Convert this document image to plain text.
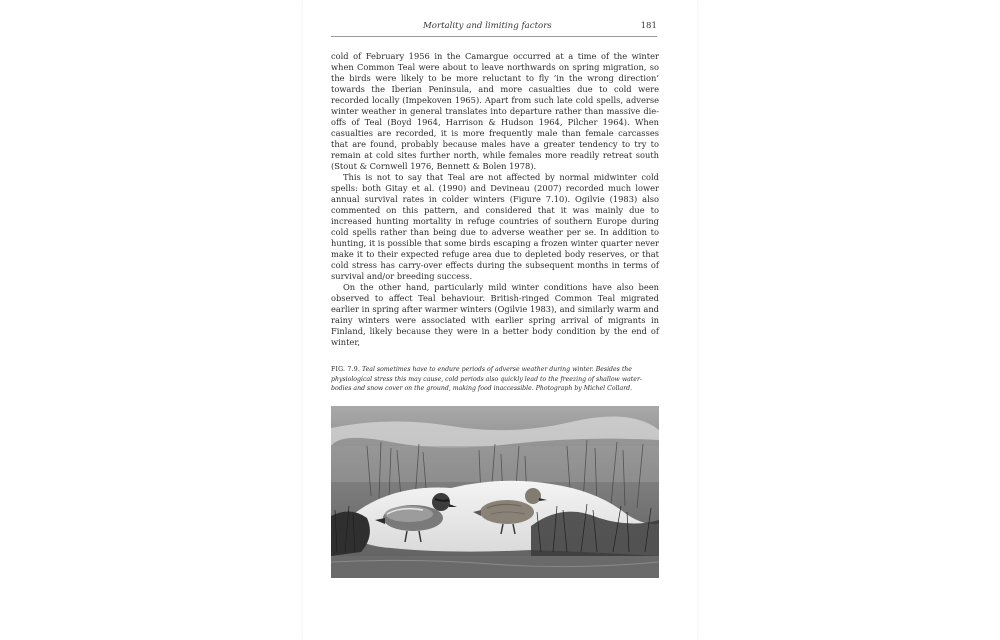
Mortality and limiting factors	181

cold of February 1956 in the Camargue occurred at a time of the winter when Common Teal were about to leave northwards on spring migration, so the birds were likely to be more reluctant to fly ‘in the wrong direction’ towards the Iberian Peninsula, and more casualties due to cold were recorded locally (Impekoven 1965). Apart from such late cold spells, adverse winter weather in general translates into departure rather than massive die-offs of Teal (Boyd 1964, Harrison & Hudson 1964, Pilcher 1964). When casualties are recorded, it is more frequently male than female carcasses that are found, probably because males have a greater tendency to try to remain at cold sites further north, while females more readily retreat south (Stout & Cornwell 1976, Bennett & Bolen 1978).

This is not to say that Teal are not affected by normal midwinter cold spells: both Gitay et al. (1990) and Devineau (2007) recorded much lower annual survival rates in colder winters (Figure 7.10). Ogilvie (1983) also commented on this pattern, and considered that it was mainly due to increased hunting mortality in refuge countries of southern Europe during cold spells rather than being due to adverse weather per se. In addition to hunting, it is possible that some birds escaping a frozen winter quarter never make it to their expected refuge area due to depleted body reserves, or that cold stress has carry-over effects during the subsequent months in terms of survival and/or breeding success.

On the other hand, particularly mild winter conditions have also been observed to affect Teal behaviour. British-ringed Common Teal migrated earlier in spring after warmer winters (Ogilvie 1983), and similarly warm and rainy winters were associated with earlier spring arrival of migrants in Finland, likely because they were in a better body condition by the end of winter,

FIG. 7.9. Teal sometimes have to endure periods of adverse weather during winter. Besides the physiological stress this may cause, cold periods also quickly lead to the freezing of shallow water-bodies and snow cover on the ground, making food inaccessible. Photograph by Michel Collard.
